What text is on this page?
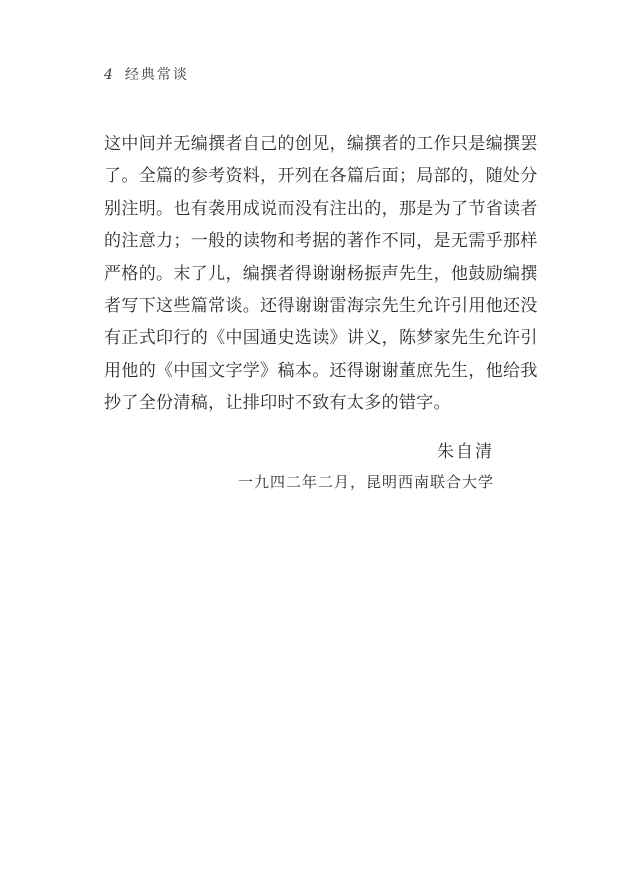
4 经典常谈
这中间并无编撰者自己的创见，编撰者的工作只是编撰罢
了。全篇的参考资料，开列在各篇后面；局部的，随处分
别注明。也有袭用成说而没有注出的，那是为了节省读者
的注意力；一般的读物和考据的著作不同，是无需乎那样
严格的。末了儿，编撰者得谢谢杨振声先生，他鼓励编撰
者写下这些篇常谈。还得谢谢雷海宗先生允许引用他还没
有正式印行的《中国通史选读》讲义，陈梦家先生允许引
用他的《中国文字学》稿本。还得谢谢董庶先生，他给我
抄了全份清稿，让排印时不致有太多的错字。
朱自清
一九四二年二月，昆明西南联合大学
